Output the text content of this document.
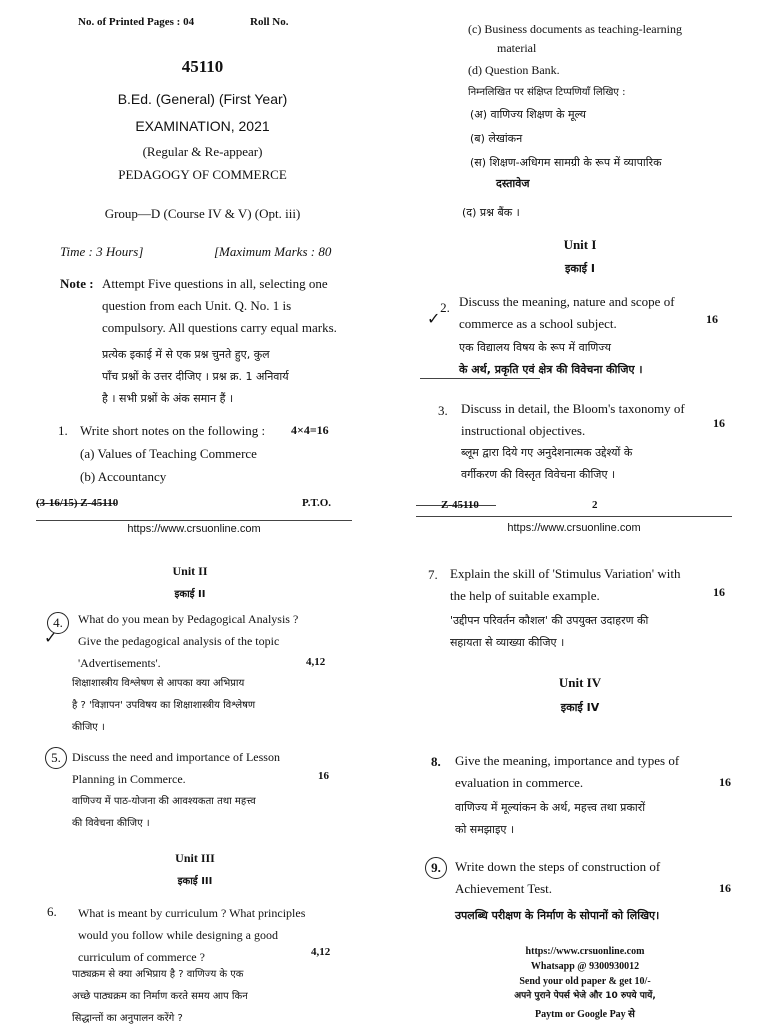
No. of Printed Pages : 04	Roll No.
45110
B.Ed. (General) (First Year)
EXAMINATION, 2021
(Regular & Re-appear)
PEDAGOGY OF COMMERCE
Group—D (Course IV & V) (Opt. iii)
Time : 3 Hours]	[Maximum Marks : 80
Note : Attempt Five questions in all, selecting one
question from each Unit. Q. No. 1 is
compulsory. All questions carry equal marks.
प्रत्येक इकाई में से एक प्रश्न चुनते हुए, कुल
पाँच प्रश्नों के उत्तर दीजिए । प्रश्न क्र. 1 अनिवार्य
है । सभी प्रश्नों के अंक समान हैं ।
1. Write short notes on the following : 4×4=16
(a) Values of Teaching Commerce
(b) Accountancy
(3-16/15) Z-45110	P.T.O.
https://www.crsuonline.com
(c) Business documents as teaching-learning
material
(d) Question Bank.
निम्नलिखित पर संक्षिप्त टिप्पणियाँ लिखिए :
(अ) वाणिज्य शिक्षण के मूल्य
(ब) लेखांकन
(स) शिक्षण-अधिगम सामग्री के रूप में व्यापारिक
दस्तावेज
(द) प्रश्न बैंक ।
Unit I
इकाई I
2.
✓
Discuss the meaning, nature and scope of
commerce as a school subject.	16
एक विद्यालय विषय के रूप में वाणिज्य
के अर्थ, प्रकृति एवं क्षेत्र की विवेचना कीजिए ।
3. Discuss in detail, the Bloom's taxonomy of
instructional objectives.	16
ब्लूम द्वारा दिये गए अनुदेशनात्मक उद्देश्यों के
वर्गीकरण की विस्तृत विवेचना कीजिए ।
Z-45110	2
https://www.crsuonline.com
Unit II
इकाई II
4.
✓
What do you mean by Pedagogical Analysis ?
Give the pedagogical analysis of the topic
'Advertisements'.	4,12
शिक्षाशास्त्रीय विश्लेषण से आपका क्या अभिप्राय
है ? 'विज्ञापन' उपविषय का शिक्षाशास्त्रीय विश्लेषण
कीजिए ।
5. Discuss the need and importance of Lesson
Planning in Commerce.	16
वाणिज्य में पाठ-योजना की आवश्यकता तथा महत्त्व
की विवेचना कीजिए ।
Unit III
इकाई III
6. What is meant by curriculum ? What principles
would you follow while designing a good
curriculum of commerce ?	4,12
पाठ्यक्रम से क्या अभिप्राय है ? वाणिज्य के एक
अच्छे पाठ्यक्रम का निर्माण करते समय आप किन
सिद्धान्तों का अनुपालन करेंगे ?
7. Explain the skill of 'Stimulus Variation' with
the help of suitable example.	16
'उद्दीपन परिवर्तन कौशल' की उपयुक्त उदाहरण की
सहायता से व्याख्या कीजिए ।
Unit IV
इकाई IV
8. Give the meaning, importance and types of
evaluation in commerce.	16
वाणिज्य में मूल्यांकन के अर्थ, महत्त्व तथा प्रकारों
को समझाइए ।
9.	Write down the steps of construction of
Achievement Test.	16
उपलब्धि परीक्षण के निर्माण के सोपानों को लिखिए।
https://www.crsuonline.com
Whatsapp @ 9300930012
Send your old paper & get 10/-
अपने पुराने पेपर्स भेजे और 10 रुपये पायें,
Paytm or Google Pay से
